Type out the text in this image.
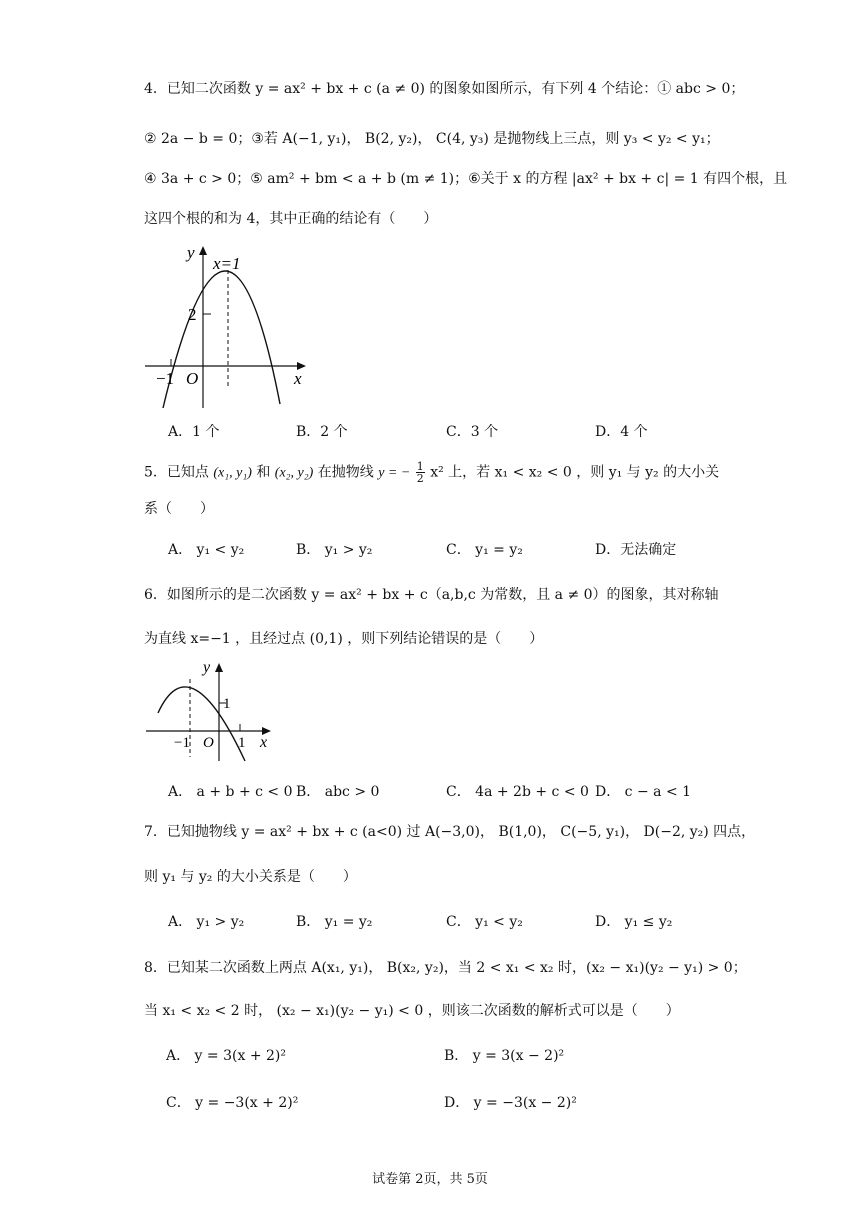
4．已知二次函数 y = ax² + bx + c (a ≠ 0) 的图象如图所示，有下列 4 个结论：① abc > 0；
② 2a − b = 0；③若 A(−1, y₁)， B(2, y₂)， C(4, y₃) 是抛物线上三点，则 y₃ < y₂ < y₁；
④ 3a + c > 0；⑤ am² + bm < a + b (m ≠ 1)；⑥关于 x 的方程 |ax² + bx + c| = 1 有四个根，且
这四个根的和为 4，其中正确的结论有（　　）
y
x=1
2
−1 O	x
A．1 个	B．2 个	C．3 个	D．4 个
5．已知点 (x₁, y₁) 和 (x₂, y₂) 在抛物线 y = − $\frac{1}{2} x^2$ 上，若 x₁ < x₂ < 0 ，则 y₁ 与 y₂ 的大小关
系（　　）
A． y₁ < y₂	B． y₁ > y₂	C． y₁ = y₂	D．无法确定
6．如图所示的是二次函数 y = ax² + bx + c（a,b,c 为常数，且 a ≠ 0）的图象，其对称轴
为直线 x=−1 ，且经过点 (0,1) ，则下列结论错误的是（　　）
y
1
−1 O 1 x
A． a + b + c < 0 B． abc > 0	C． 4a + 2b + c < 0 D． c − a < 1
7．已知抛物线 y = ax² + bx + c (a<0) 过 A(−3,0)， B(1,0)， C(−5, y₁)， D(−2, y₂) 四点，
则 y₁ 与 y₂ 的大小关系是（　　）
A． y₁ > y₂	B． y₁ = y₂	C． y₁ < y₂	D． y₁ ≤ y₂
8．已知某二次函数上两点 A(x₁, y₁)， B(x₂, y₂)，当 2 < x₁ < x₂ 时，(x₂ − x₁)(y₂ − y₁) > 0；
当 x₁ < x₂ < 2 时， (x₂ − x₁)(y₂ − y₁) < 0 ，则该二次函数的解析式可以是（　　）
A． y = 3(x + 2)²	B． y = 3(x − 2)²
C． y = −3(x + 2)²	D． y = −3(x − 2)²
试卷第 2页，共 5页
